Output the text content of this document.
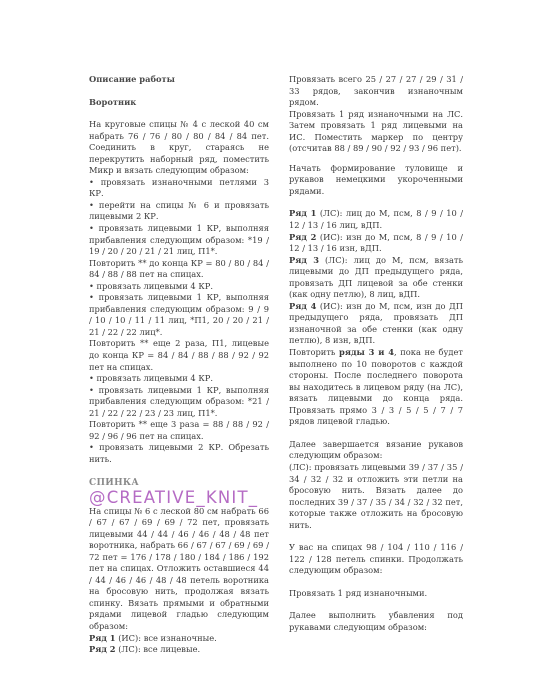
Описание работы

Воротник

На круговые спицы № 4 с леской 40 см набрать 76 / 76 / 80 / 80 / 84 / 84 пет. Соединить в круг, стараясь не перекрутить наборный ряд, поместить Микр и вязать следующим образом:

• провязать изнаночными петлями 3 КР.

• перейти на спицы № 6 и провязать лицевыми 2 КР.

• провязать лицевыми 1 КР, выполняя прибавления следующим образом: *19 / 19 / 20 / 20 / 21 / 21 лиц, П1*.

Повторить ** до конца КР = 80 / 80 / 84 / 84 / 88 / 88 пет на спицах.

• провязать лицевыми 4 КР.

• провязать лицевыми 1 КР, выполняя прибавления следующим образом: 9 / 9 / 10 / 10 / 11 / 11 лиц, *П1, 20 / 20 / 21 / 21 / 22 / 22 лиц*.

Повторить ** еще 2 раза, П1, лицевые до конца КР = 84 / 84 / 88 / 88 / 92 / 92 пет на спицах.

• провязать лицевыми 4 КР.

• провязать лицевыми 1 КР, выполняя прибавления следующим образом: *21 / 21 / 22 / 22 / 23 / 23 лиц, П1*.

Повторить ** еще 3 раза = 88 / 88 / 92 / 92 / 96 / 96 пет на спицах.

• провязать лицевыми 2 КР. Обрезать нить.

СПИНКА

@CREATIVE_KNIT_

На спицы № 6 с леской 80 см набрать 66 / 67 / 67 / 69 / 69 / 72 пет, провязать лицевыми 44 / 44 / 46 / 46 / 48 / 48 пет воротника, набрать 66 / 67 / 67 / 69 / 69 / 72 пет = 176 / 178 / 180 / 184 / 186 / 192 пет на спицах. Отложить оставшиеся 44 / 44 / 46 / 46 / 48 / 48 петель воротника на бросовую нить, продолжая вязать спинку. Вязать прямыми и обратными рядами лицевой гладью следующим образом:

Ряд 1 (ИС): все изнаночные.

Ряд 2 (ЛС): все лицевые.

Провязать всего 25 / 27 / 27 / 29 / 31 / 33 рядов, закончив изнаночным рядом.

Провязать 1 ряд изнаночными на ЛС. Затем провязать 1 ряд лицевыми на ИС. Поместить маркер по центру (отсчитав 88 / 89 / 90 / 92 / 93 / 96 пет).

Начать формирование туловище и рукавов немецкими укороченными рядами.

Ряд 1 (ЛС): лиц до М, псм, 8 / 9 / 10 / 12 / 13 / 16 лиц, вДП.

Ряд 2 (ИС): изн до М, псм, 8 / 9 / 10 / 12 / 13 / 16 изн, вДП.

Ряд 3 (ЛС): лиц до М, псм, вязать лицевыми до ДП предыдущего ряда, провязать ДП лицевой за обе стенки (как одну петлю), 8 лиц, вДП.

Ряд 4 (ИС): изн до М, псм, изн до ДП предыдущего ряда, провязать ДП изнаночной за обе стенки (как одну петлю), 8 изн, вДП.

Повторить ряды 3 и 4, пока не будет выполнено по 10 поворотов с каждой стороны. После последнего поворота вы находитесь в лицевом ряду (на ЛС), вязать лицевыми до конца ряда. Провязать прямо 3 / 3 / 5 / 5 / 7 / 7 рядов лицевой гладью.

Далее завершается вязание рукавов следующим образом:

(ЛС): провязать лицевыми 39 / 37 / 35 / 34 / 32 / 32 и отложить эти петли на бросовую нить. Вязать далее до последних 39 / 37 / 35 / 34 / 32 / 32 пет, которые также отложить на бросовую нить.

У вас на спицах 98 / 104 / 110 / 116 / 122 / 128 петель спинки. Продолжать следующим образом:

Провязать 1 ряд изнаночными.

Далее выполнить убавления под рукавами следующим образом:
